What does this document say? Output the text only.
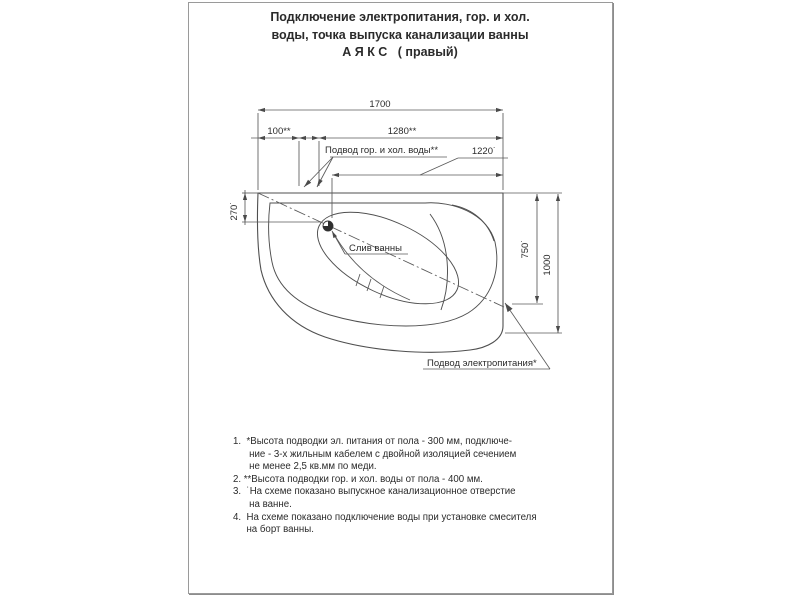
Подключение электропитания, гор. и хол.
воды, точка выпуска канализации ванны
А Я К С   ( правый)
1700
100**	1280**
1220˙
270˙
750˙
1000
Подвод гор. и хол. воды**
Слив ванны
Подвод электропитания*
1.  *Высота подводки эл. питания от пола - 300 мм, подключе-
ние - 3-х жильным кабелем с двойной изоляцией сечением
не менее 2,5 кв.мм по меди.
2. **Высота подводки гор. и хол. воды от пола - 400 мм.
3.  ˙На схеме показано выпускное канализационное отверстие
на ванне.
4.  На схеме показано подключение воды при установке смесителя
на борт ванны.
